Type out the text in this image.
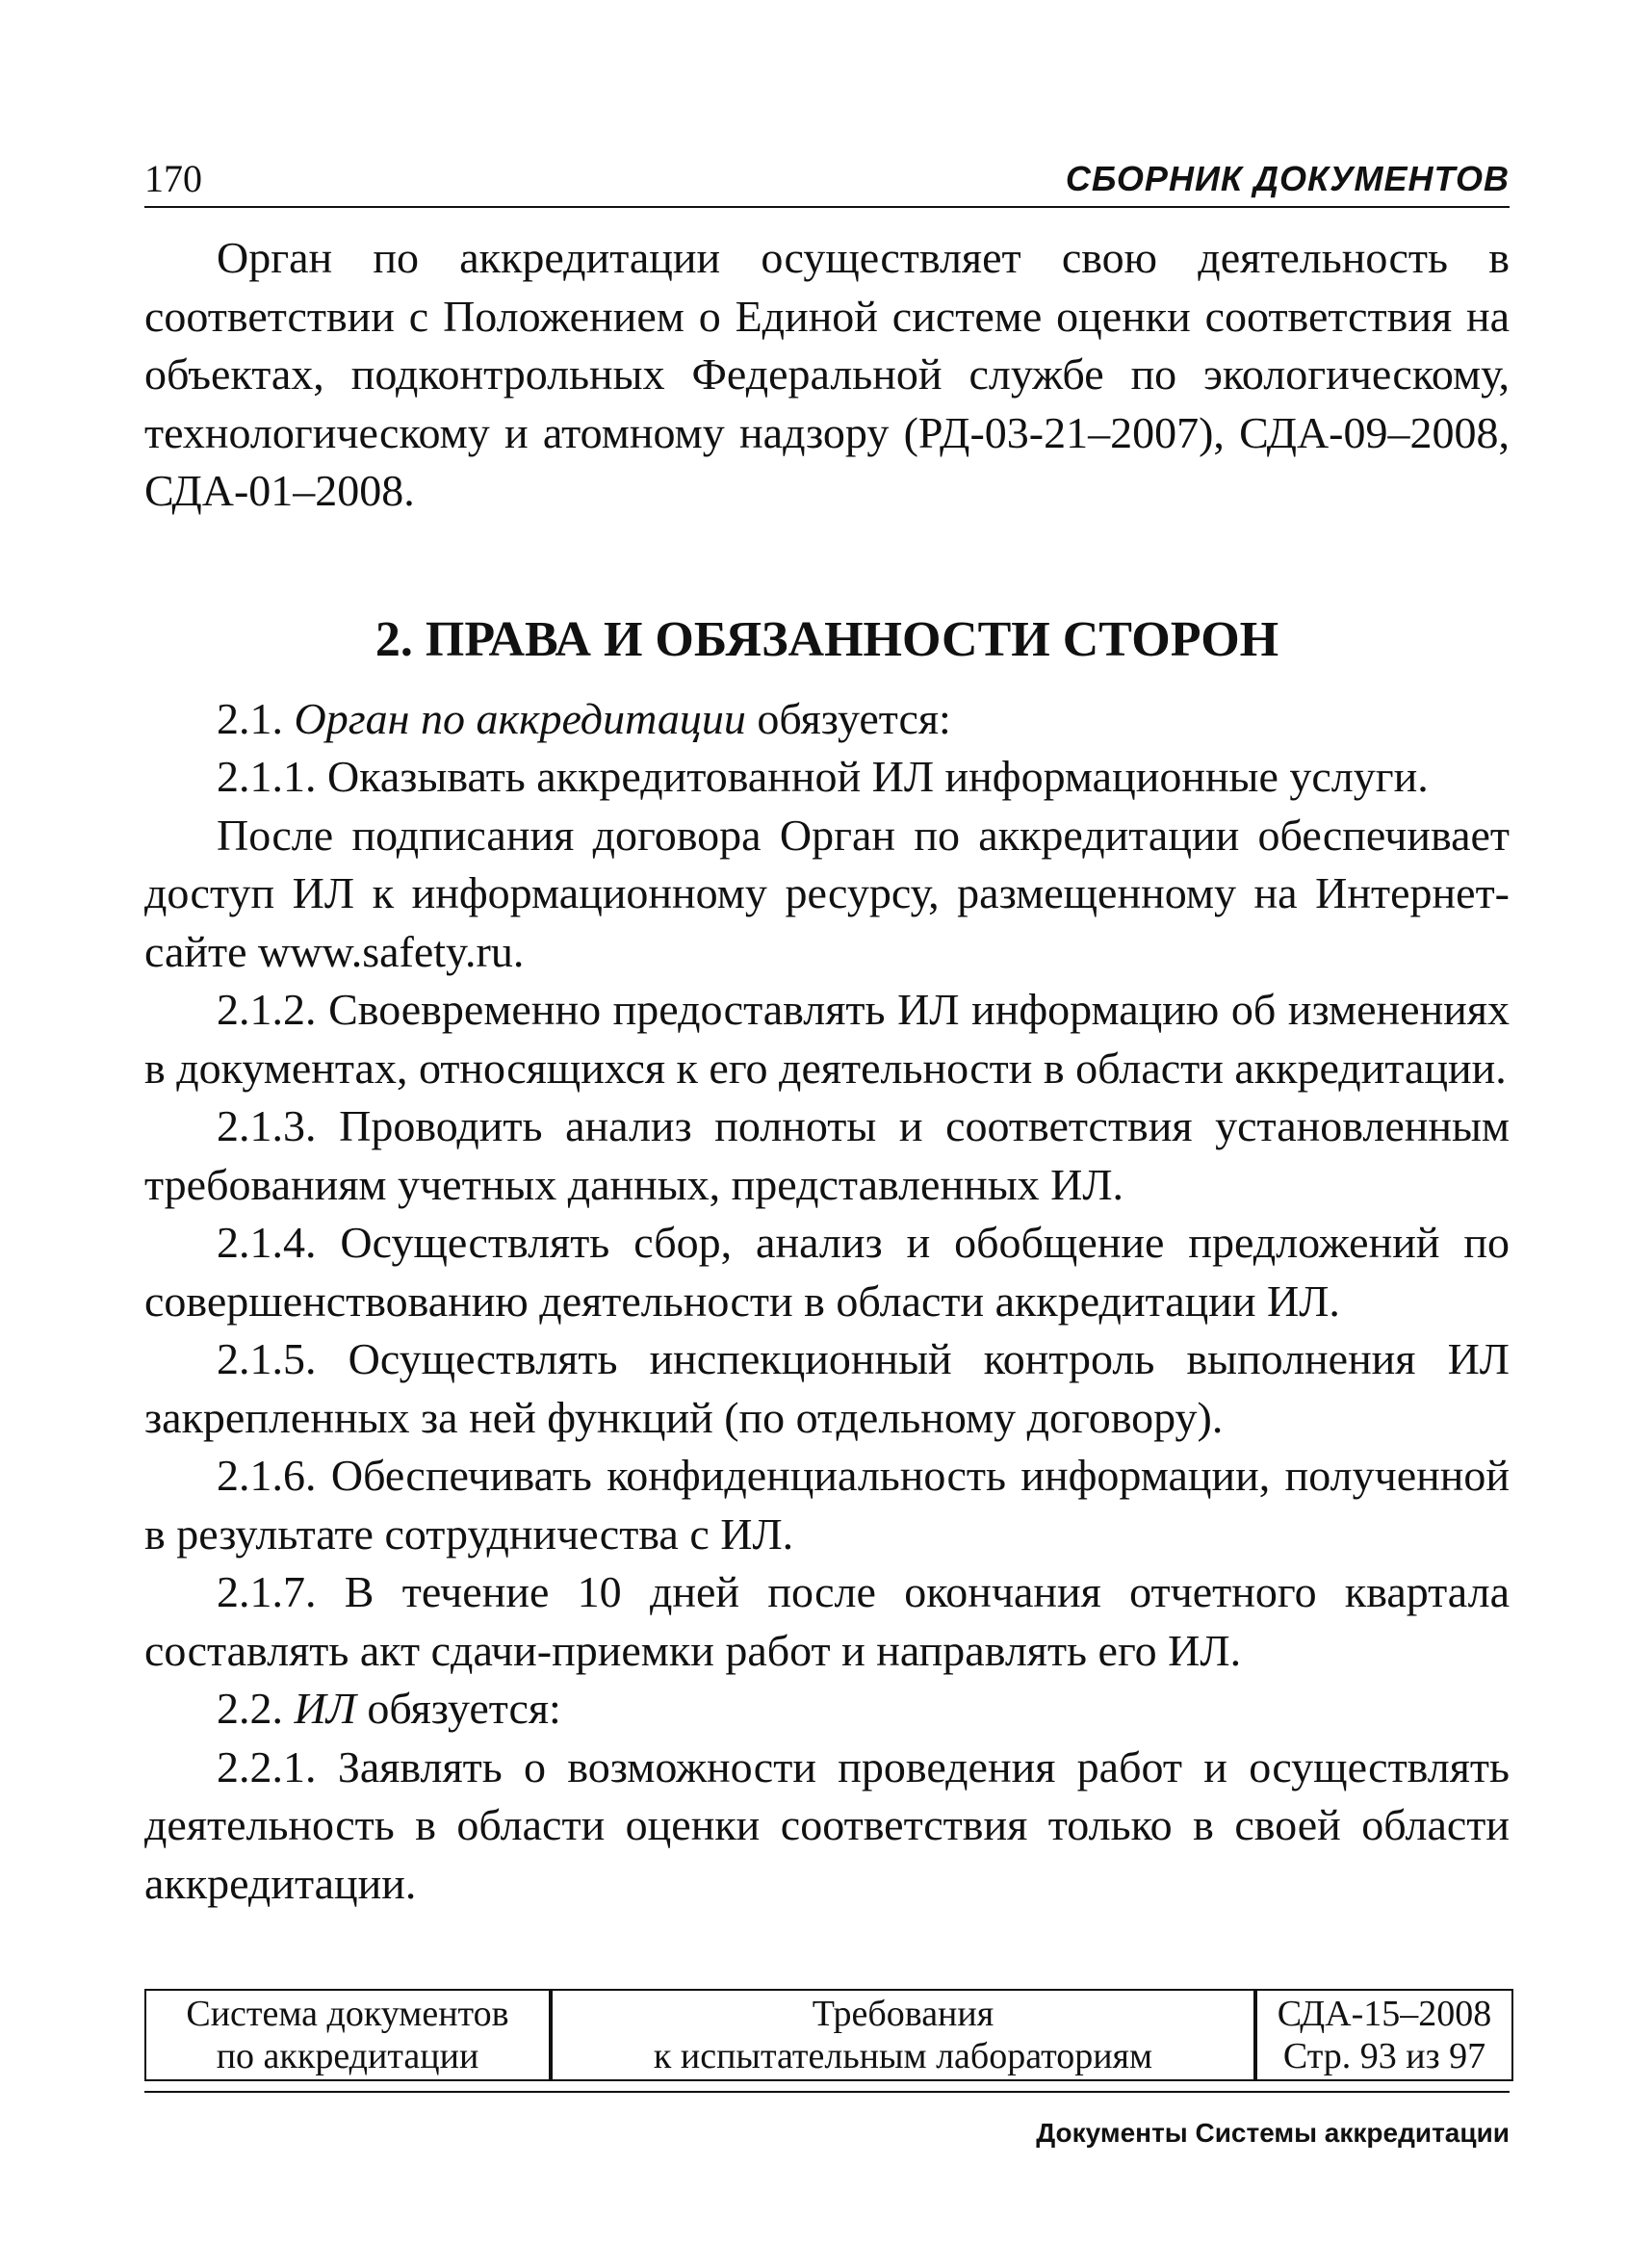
170	СБОРНИК ДОКУМЕНТОВ

Орган по аккредитации осуществляет свою деятельность в соответствии с Положением о Единой системе оценки соответствия на объектах, подконтрольных Федеральной службе по экологическому, технологическому и атомному надзору (РД-03-21–2007), СДА-09–2008, СДА-01–2008.

2. ПРАВА И ОБЯЗАННОСТИ СТОРОН

2.1. Орган по аккредитации обязуется:

2.1.1. Оказывать аккредитованной ИЛ информационные услуги.

После подписания договора Орган по аккредитации обеспечивает доступ ИЛ к информационному ресурсу, размещенному на Интернет-сайте www.safety.ru.

2.1.2. Своевременно предоставлять ИЛ информацию об изменениях в документах, относящихся к его деятельности в области аккредитации.

2.1.3. Проводить анализ полноты и соответствия установленным требованиям учетных данных, представленных ИЛ.

2.1.4. Осуществлять сбор, анализ и обобщение предложений по совершенствованию деятельности в области аккредитации ИЛ.

2.1.5. Осуществлять инспекционный контроль выполнения ИЛ закрепленных за ней функций (по отдельному договору).

2.1.6. Обеспечивать конфиденциальность информации, полученной в результате сотрудничества с ИЛ.

2.1.7. В течение 10 дней после окончания отчетного квартала составлять акт сдачи-приемки работ и направлять его ИЛ.

2.2. ИЛ обязуется:

2.2.1. Заявлять о возможности проведения работ и осуществлять деятельность в области оценки соответствия только в своей области аккредитации.

Система документов
по аккредитации
Требования
к испытательным лабораториям
СДА-15–2008
Стр. 93 из 97
Документы Системы аккредитации
